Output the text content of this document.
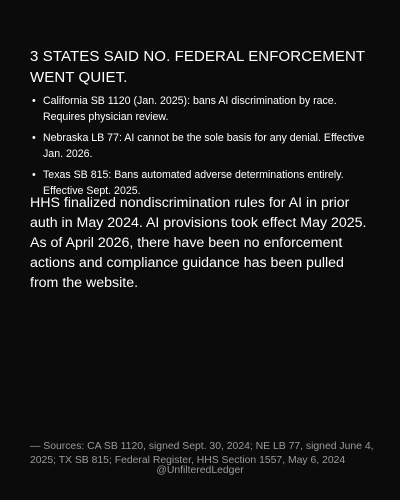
3 STATES SAID NO. FEDERAL ENFORCEMENT WENT QUIET.
• California SB 1120 (Jan. 2025): bans AI discrimination by race. Requires physician review.
• Nebraska LB 77: AI cannot be the sole basis for any denial. Effective Jan. 2026.
• Texas SB 815: Bans automated adverse determinations entirely. Effective Sept. 2025.

HHS finalized nondiscrimination rules for AI in prior auth in May 2024. AI provisions took effect May 2025. As of April 2026, there have been no enforcement actions and compliance guidance has been pulled from the website.

— Sources: CA SB 1120, signed Sept. 30, 2024; NE LB 77, signed June 4, 2025; TX SB 815; Federal Register, HHS Section 1557, May 6, 2024

@UnfilteredLedger
